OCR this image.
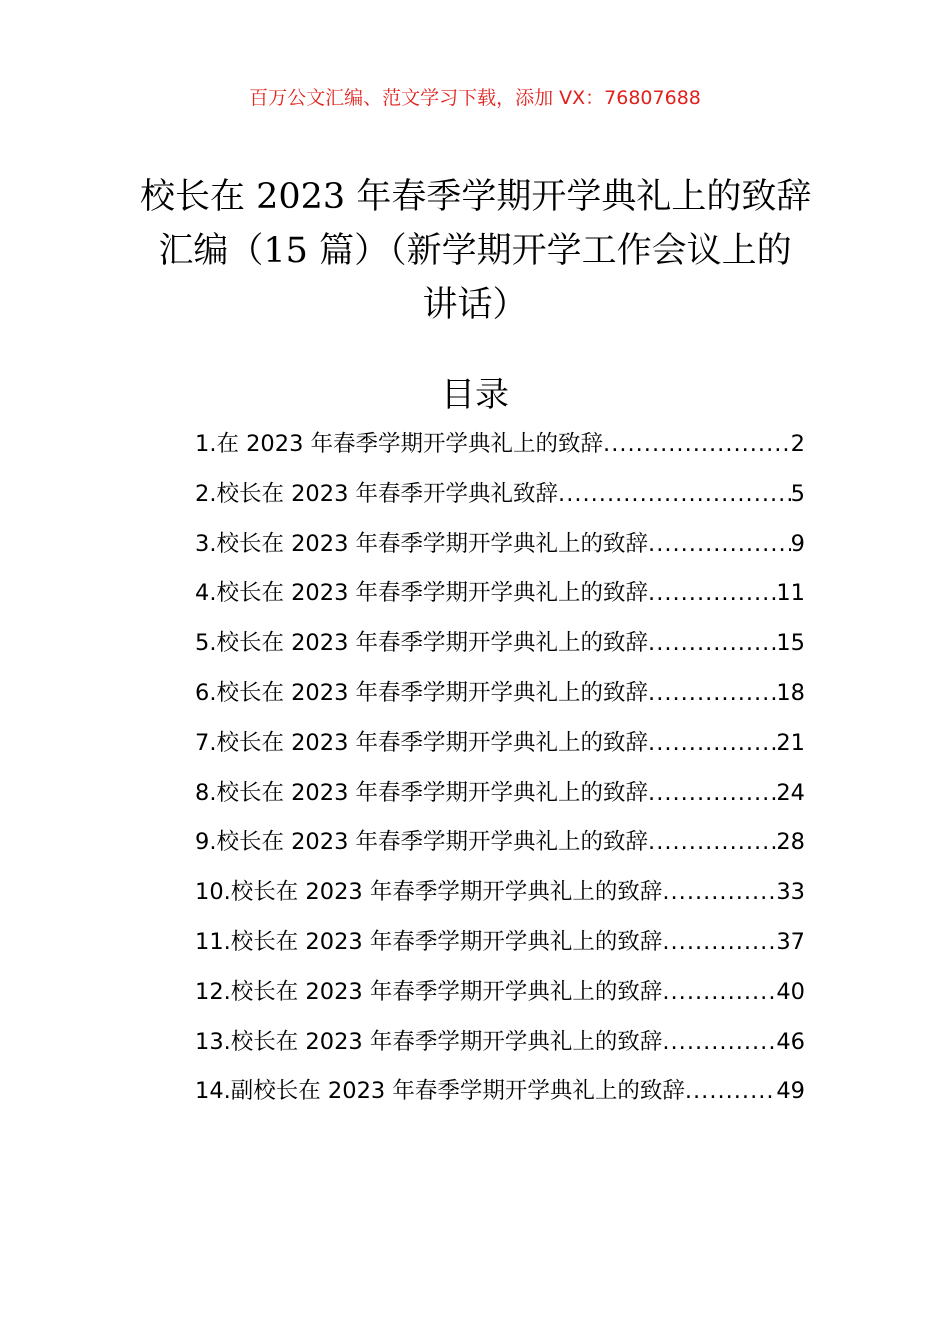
百万公文汇编、范文学习下载，添加 VX：76807688
校长在 2023 年春季学期开学典礼上的致辞
汇编（15 篇）（新学期开学工作会议上的
讲话）
目录
1.在 2023 年春季学期开学典礼上的致辞 .....	2
2.校长在 2023 年春季开学典礼致辞 .....	5
3.校长在 2023 年春季学期开学典礼上的致辞 .....	9
4.校长在 2023 年春季学期开学典礼上的致辞 .....	11
5.校长在 2023 年春季学期开学典礼上的致辞 .....	15
6.校长在 2023 年春季学期开学典礼上的致辞 .....	18
7.校长在 2023 年春季学期开学典礼上的致辞 .....	21
8.校长在 2023 年春季学期开学典礼上的致辞 .....	24
9.校长在 2023 年春季学期开学典礼上的致辞 .....	28
10.校长在 2023 年春季学期开学典礼上的致辞 .....	33
11.校长在 2023 年春季学期开学典礼上的致辞 .....	37
12.校长在 2023 年春季学期开学典礼上的致辞 .....	40
13.校长在 2023 年春季学期开学典礼上的致辞 .....	46
14.副校长在 2023 年春季学期开学典礼上的致辞 .....	49
